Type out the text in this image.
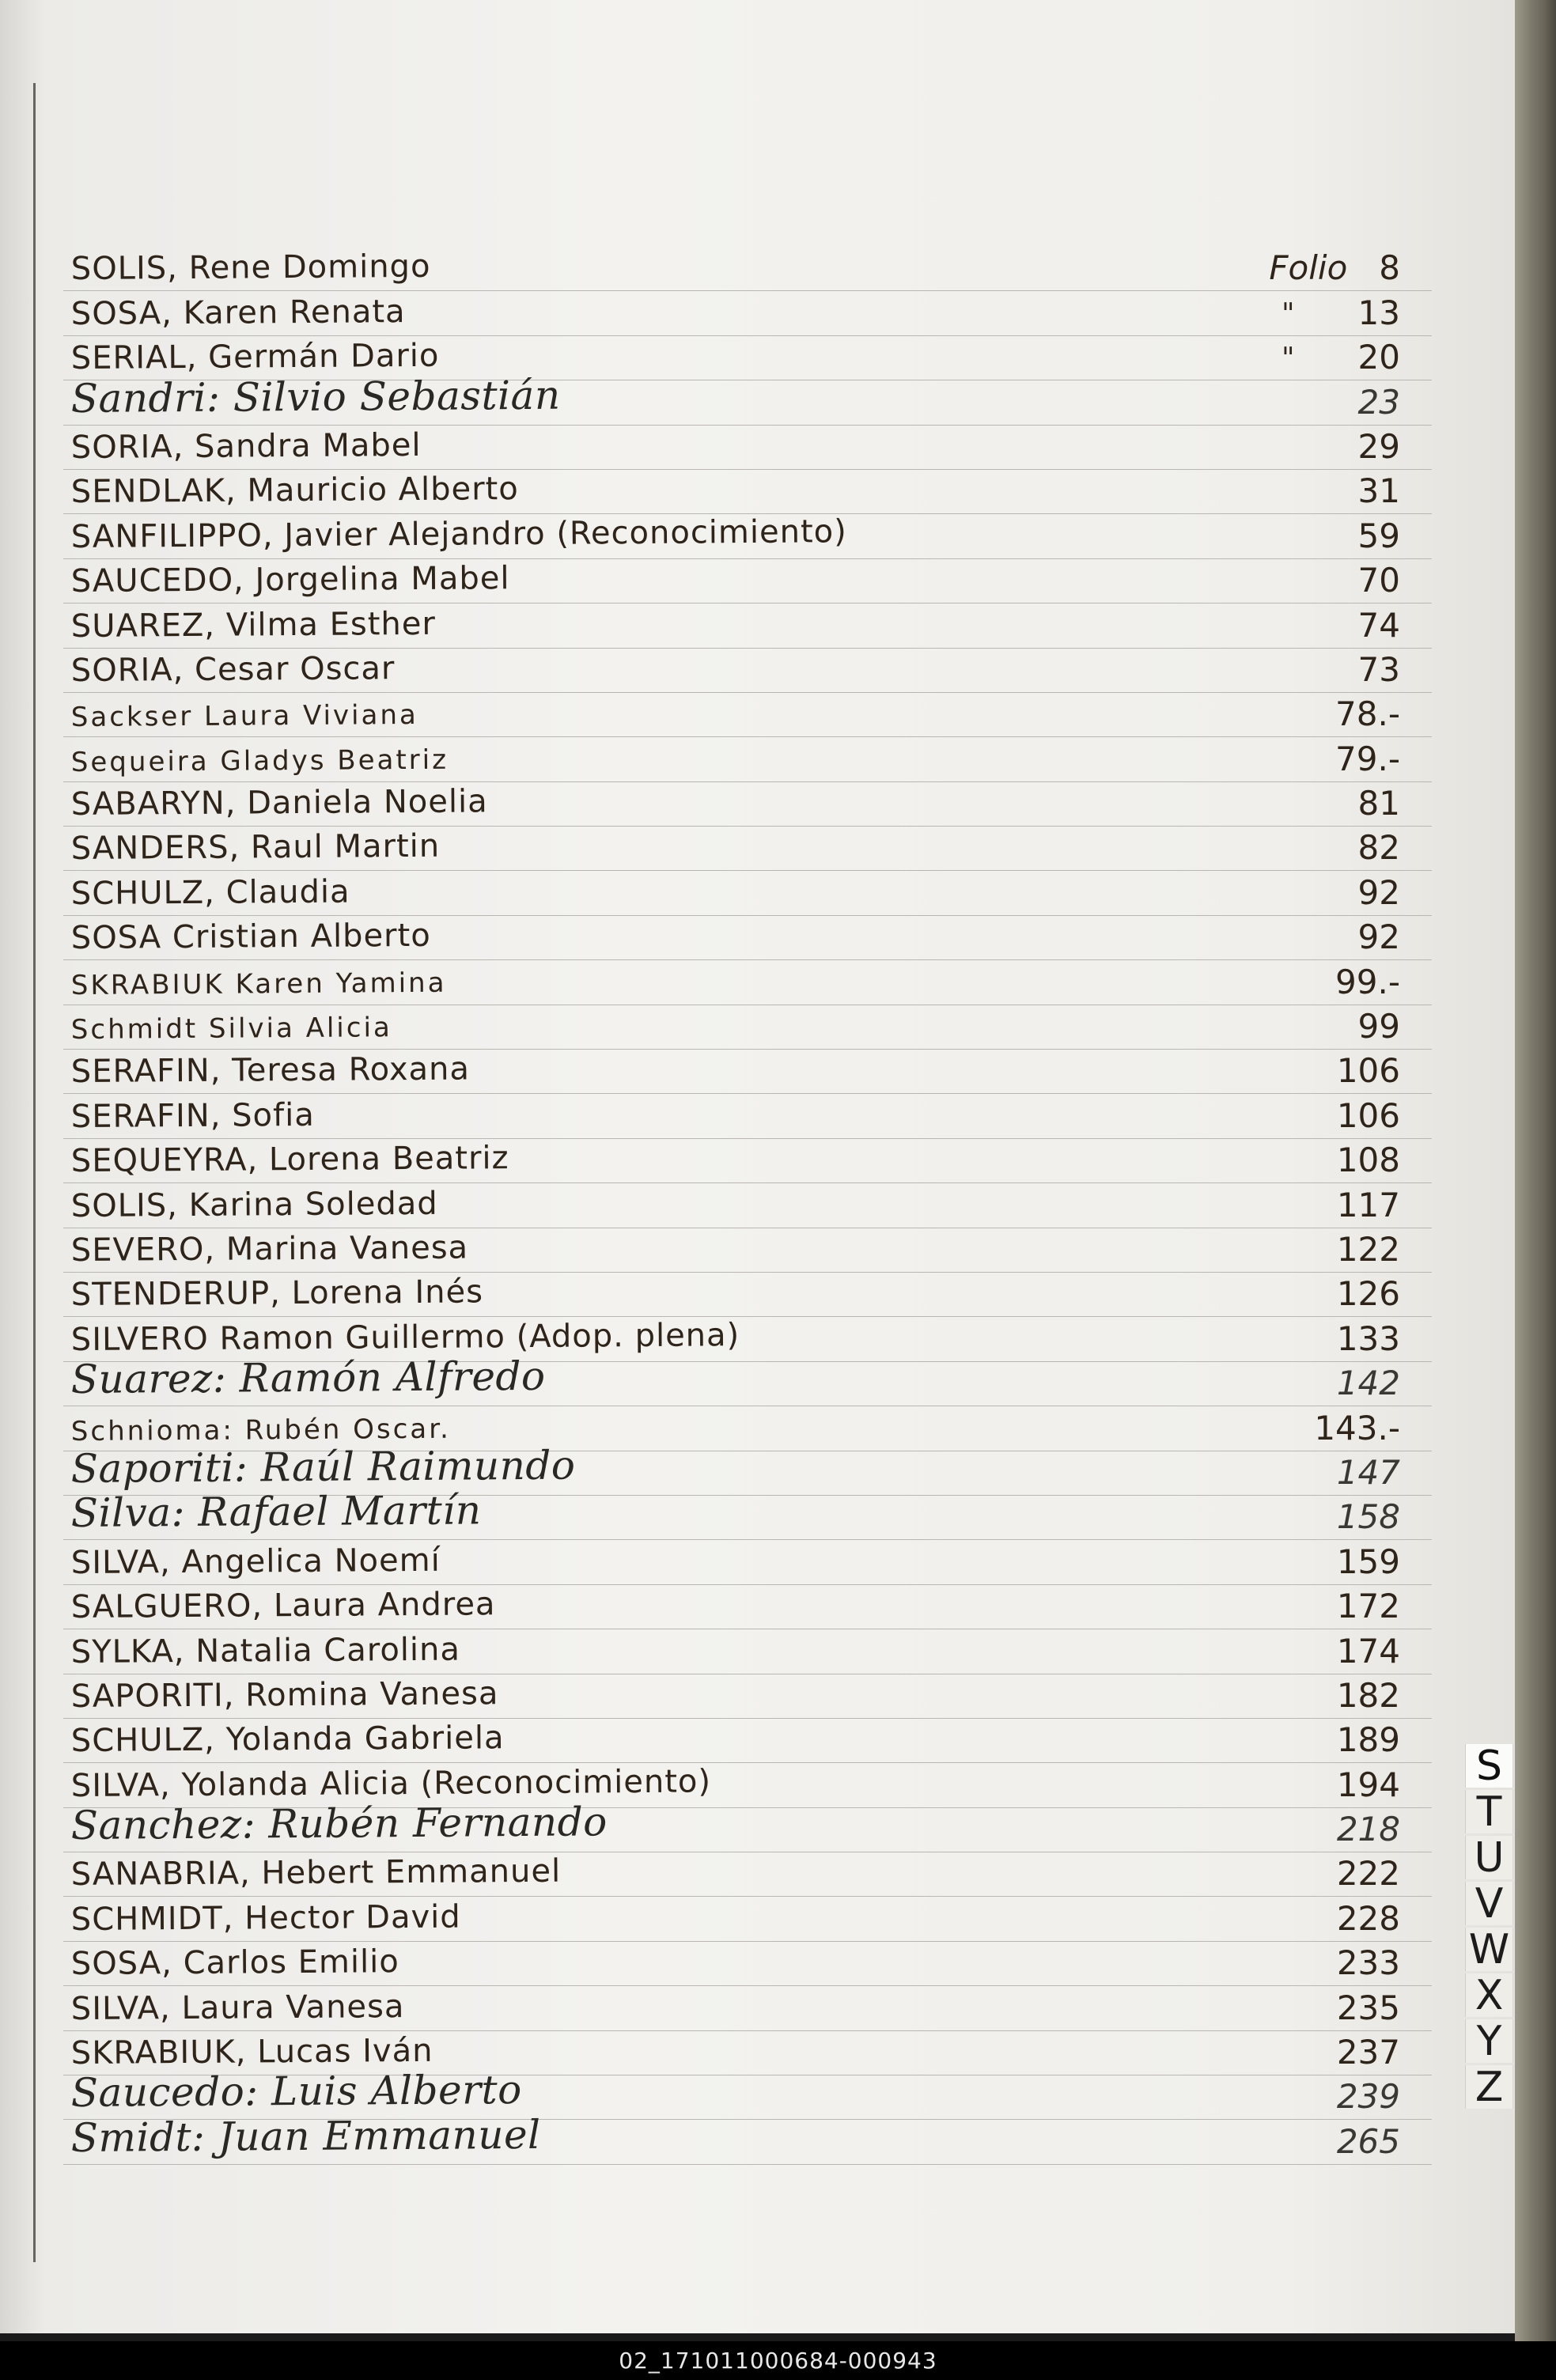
SOLIS, Rene Domingo	Folio 8
SOSA, Karen Renata	" 13
SERIAL, Germán Dario	" 20
Sandri: Silvio Sebastián	23
SORIA, Sandra Mabel	29
SENDLAK, Mauricio Alberto	31
SANFILIPPO, Javier Alejandro (Reconocimiento)	59
SAUCEDO, Jorgelina Mabel	70
SUAREZ, Vilma Esther	74
SORIA, Cesar Oscar	73
Sackser Laura Viviana	78.-
Sequeira Gladys Beatriz	79.-
SABARYN, Daniela Noelia	81
SANDERS, Raul Martin	82
SCHULZ, Claudia	92
SOSA Cristian Alberto	92
SKRABIUK Karen Yamina	99.-
Schmidt Silvia Alicia	99
SERAFIN, Teresa Roxana	106
SERAFIN, Sofia	106
SEQUEYRA, Lorena Beatriz	108
SOLIS, Karina Soledad	117
SEVERO, Marina Vanesa	122
STENDERUP, Lorena Inés	126
SILVERO Ramon Guillermo (Adop. plena)	133
Suarez: Ramón Alfredo	142
Schnioma: Rubén Oscar.	143.-
Saporiti: Raúl Raimundo	147
Silva: Rafael Martín	158
SILVA, Angelica Noemí	159
SALGUERO, Laura Andrea	172
SYLKA, Natalia Carolina	174
SAPORITI, Romina Vanesa	182
SCHULZ, Yolanda Gabriela	189
SILVA, Yolanda Alicia (Reconocimiento)	194
Sanchez: Rubén Fernando	218
SANABRIA, Hebert Emmanuel	222
SCHMIDT, Hector David	228
SOSA, Carlos Emilio	233
SILVA, Laura Vanesa	235
SKRABIUK, Lucas Iván	237
Saucedo: Luis Alberto	239
Smidt: Juan Emmanuel	265
S
T
U
V
W
X
Y
Z
02_171011000684-000943
